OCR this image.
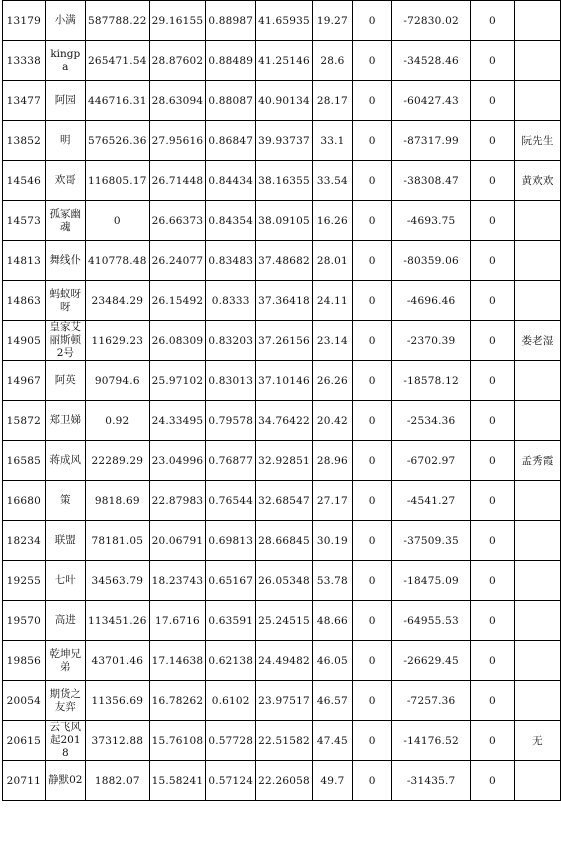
13179	小满	587788.22	29.16155	0.88987	41.65935	19.27	0	-72830.02	0	
13338	kingpa	265471.54	28.87602	0.88489	41.25146	28.6	0	-34528.46	0	
13477	阿园	446716.31	28.63094	0.88087	40.90134	28.17	0	-60427.43	0	
13852	明	576526.36	27.95616	0.86847	39.93737	33.1	0	-87317.99	0	阮先生
14546	欢哥	116805.17	26.71448	0.84434	38.16355	33.54	0	-38308.47	0	黄欢欢
14573	孤冢幽魂	0	26.66373	0.84354	38.09105	16.26	0	-4693.75	0	
14813	舞线仆	410778.48	26.24077	0.83483	37.48682	28.01	0	-80359.06	0	
14863	蚂蚁呀呀	23484.29	26.15492	0.8333	37.36418	24.11	0	-4696.46	0	
14905	皇家艾丽斯顿2号	11629.23	26.08309	0.83203	37.26156	23.14	0	-2370.39	0	娄老湿
14967	阿英	90794.6	25.97102	0.83013	37.10146	26.26	0	-18578.12	0	
15872	郑卫娣	0.92	24.33495	0.79578	34.76422	20.42	0	-2534.36	0	
16585	蒋成风	22289.29	23.04996	0.76877	32.92851	28.96	0	-6702.97	0	孟秀霞
16680	策	9818.69	22.87983	0.76544	32.68547	27.17	0	-4541.27	0	
18234	联盟	78181.05	20.06791	0.69813	28.66845	30.19	0	-37509.35	0	
19255	七叶	34563.79	18.23743	0.65167	26.05348	53.78	0	-18475.09	0	
19570	高进	113451.26	17.6716	0.63591	25.24515	48.66	0	-64955.53	0	
19856	乾坤兄弟	43701.46	17.14638	0.62138	24.49482	46.05	0	-26629.45	0	
20054	期货之友弈	11356.69	16.78262	0.6102	23.97517	46.57	0	-7257.36	0	
20615	云飞风起2018	37312.88	15.76108	0.57728	22.51582	47.45	0	-14176.52	0	无
20711	静默02	1882.07	15.58241	0.57124	22.26058	49.7	0	-31435.7	0	
